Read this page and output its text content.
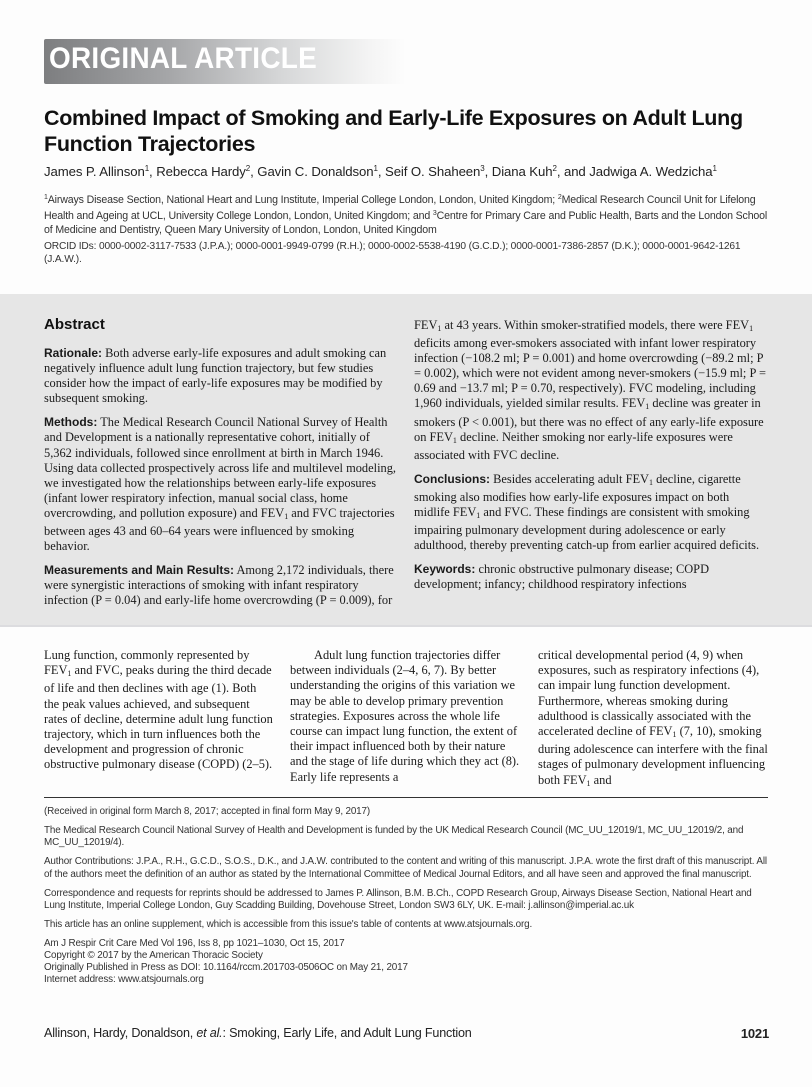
ORIGINAL ARTICLE
Combined Impact of Smoking and Early-Life Exposures on Adult Lung Function Trajectories
James P. Allinson$^1$, Rebecca Hardy$^2$, Gavin C. Donaldson$^1$, Seif O. Shaheen$^3$, Diana Kuh$^2$, and Jadwiga A. Wedzicha$^1$
$^1$Airways Disease Section, National Heart and Lung Institute, Imperial College London, London, United Kingdom; $^2$Medical Research Council Unit for Lifelong Health and Ageing at UCL, University College London, London, United Kingdom; and $^3$Centre for Primary Care and Public Health, Barts and the London School of Medicine and Dentistry, Queen Mary University of London, London, United Kingdom
ORCID IDs: 0000-0002-3117-7533 (J.P.A.); 0000-0001-9949-0799 (R.H.); 0000-0002-5538-4190 (G.C.D.); 0000-0001-7386-2857 (D.K.); 0000-0001-9642-1261 (J.A.W.).
Abstract

Rationale: Both adverse early-life exposures and adult smoking can negatively influence adult lung function trajectory, but few studies consider how the impact of early-life exposures may be modified by subsequent smoking.

Methods: The Medical Research Council National Survey of Health and Development is a nationally representative cohort, initially of 5,362 individuals, followed since enrollment at birth in March 1946. Using data collected prospectively across life and multilevel modeling, we investigated how the relationships between early-life exposures (infant lower respiratory infection, manual social class, home overcrowding, and pollution exposure) and $FEV_1$ and FVC trajectories between ages 43 and 60–64 years were influenced by smoking behavior.

Measurements and Main Results: Among 2,172 individuals, there were synergistic interactions of smoking with infant respiratory infection (P = 0.04) and early-life home overcrowding (P = 0.009), for

$FEV_1$ at 43 years. Within smoker-stratified models, there were $FEV_1$ deficits among ever-smokers associated with infant lower respiratory infection (−108.2 ml; P = 0.001) and home overcrowding (−89.2 ml; P = 0.002), which were not evident among never-smokers (−15.9 ml; P = 0.69 and −13.7 ml; P = 0.70, respectively). FVC modeling, including 1,960 individuals, yielded similar results. $FEV_1$ decline was greater in smokers (P < 0.001), but there was no effect of any early-life exposure on $FEV_1$ decline. Neither smoking nor early-life exposures were associated with FVC decline.

Conclusions: Besides accelerating adult $FEV_1$ decline, cigarette smoking also modifies how early-life exposures impact on both midlife $FEV_1$ and FVC. These findings are consistent with smoking impairing pulmonary development during adolescence or early adulthood, thereby preventing catch-up from earlier acquired deficits.

Keywords: chronic obstructive pulmonary disease; COPD development; infancy; childhood respiratory infections

Lung function, commonly represented by $FEV_1$ and FVC, peaks during the third decade of life and then declines with age (1). Both the peak values achieved, and subsequent rates of decline, determine adult lung function trajectory, which in turn influences both the development and progression of chronic obstructive pulmonary disease (COPD) (2–5).

Adult lung function trajectories differ between individuals (2–4, 6, 7). By better understanding the origins of this variation we may be able to develop primary prevention strategies. Exposures across the whole life course can impact lung function, the extent of their impact influenced both by their nature and the stage of life during which they act (8). Early life represents a

critical developmental period (4, 9) when exposures, such as respiratory infections (4), can impair lung function development. Furthermore, whereas smoking during adulthood is classically associated with the accelerated decline of $FEV_1$ (7, 10), smoking during adolescence can interfere with the final stages of pulmonary development influencing both $FEV_1$ and

(Received in original form March 8, 2017; accepted in final form May 9, 2017)

The Medical Research Council National Survey of Health and Development is funded by the UK Medical Research Council (MC_UU_12019/1, MC_UU_12019/2, and MC_UU_12019/4).

Author Contributions: J.P.A., R.H., G.C.D., S.O.S., D.K., and J.A.W. contributed to the content and writing of this manuscript. J.P.A. wrote the first draft of this manuscript. All of the authors meet the definition of an author as stated by the International Committee of Medical Journal Editors, and all have seen and approved the final manuscript.

Correspondence and requests for reprints should be addressed to James P. Allinson, B.M. B.Ch., COPD Research Group, Airways Disease Section, National Heart and Lung Institute, Imperial College London, Guy Scadding Building, Dovehouse Street, London SW3 6LY, UK. E-mail: j.allinson@imperial.ac.uk

This article has an online supplement, which is accessible from this issue's table of contents at www.atsjournals.org.

Am J Respir Crit Care Med Vol 196, Iss 8, pp 1021–1030, Oct 15, 2017
Copyright © 2017 by the American Thoracic Society
Originally Published in Press as DOI: 10.1164/rccm.201703-0506OC on May 21, 2017
Internet address: www.atsjournals.org
Allinson, Hardy, Donaldson, et al.: Smoking, Early Life, and Adult Lung Function	1021
